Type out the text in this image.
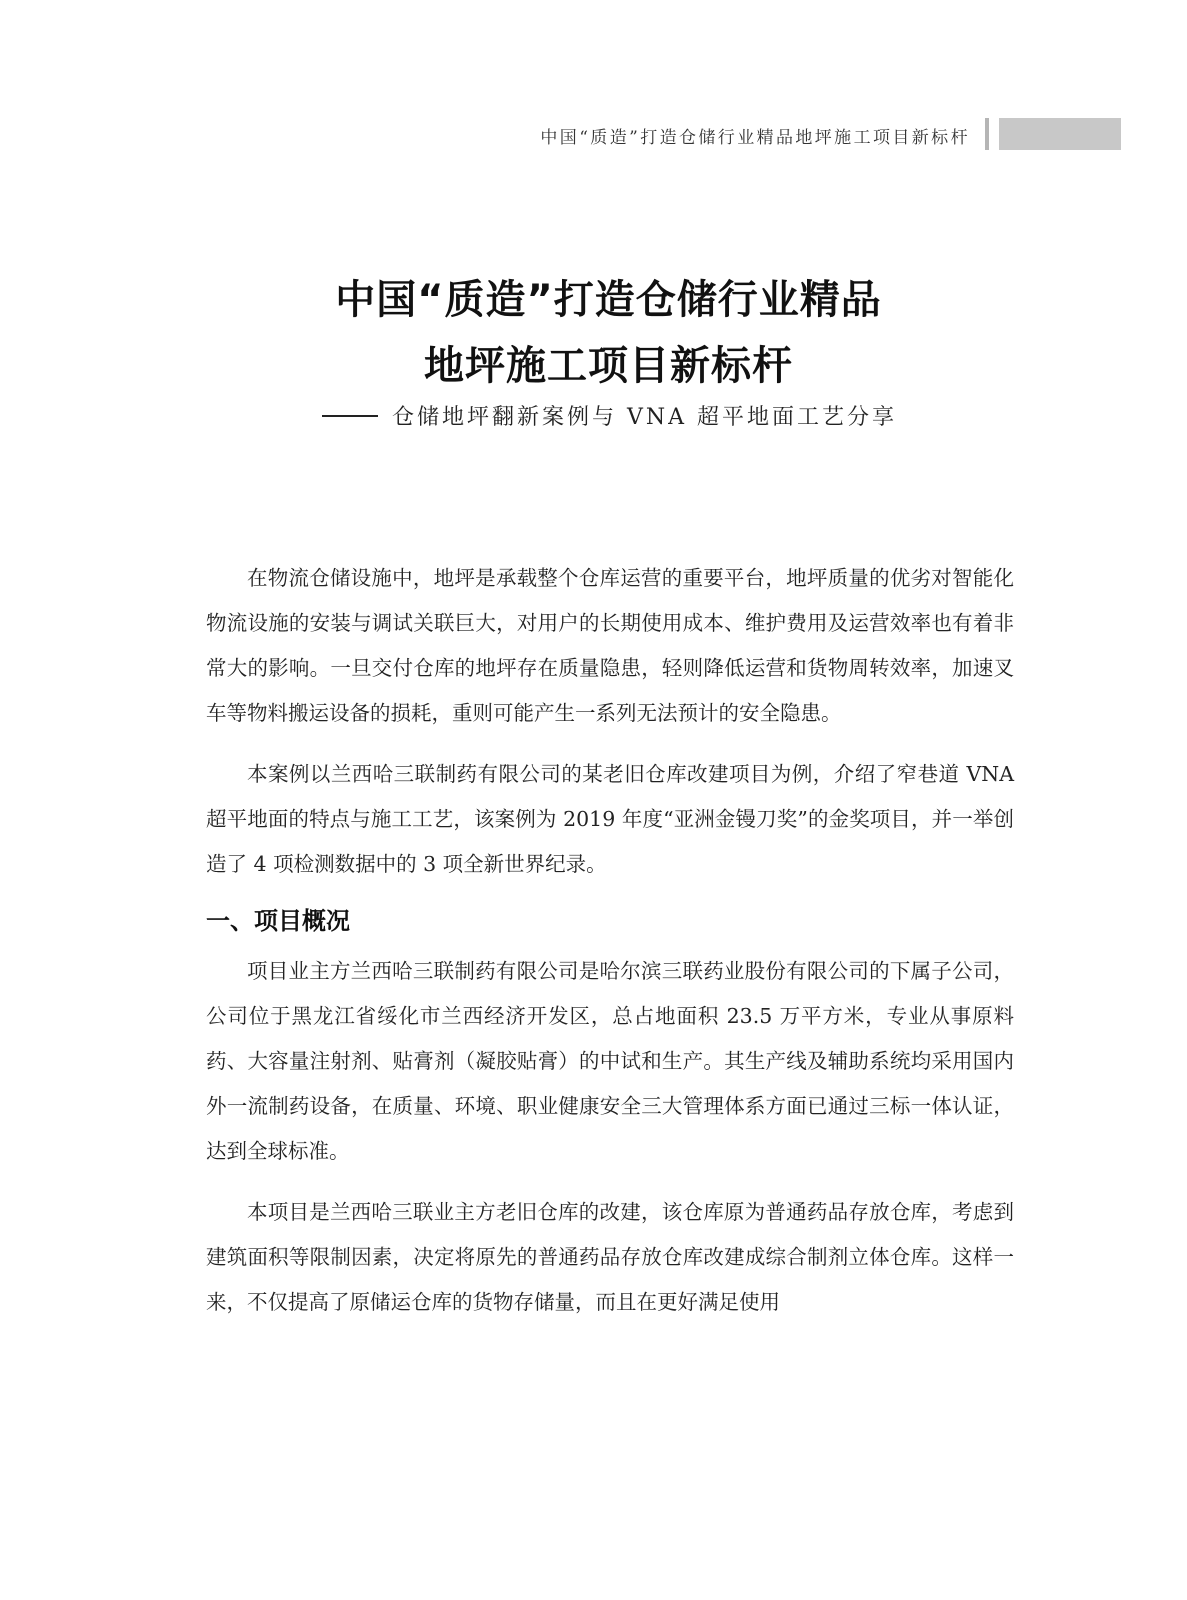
中国“质造”打造仓储行业精品地坪施工项目新标杆
中国“质造”打造仓储行业精品
地坪施工项目新标杆
仓储地坪翻新案例与 VNA 超平地面工艺分享

在物流仓储设施中，地坪是承载整个仓库运营的重要平台，地坪质量的优劣对智能化物流设施的安装与调试关联巨大，对用户的长期使用成本、维护费用及运营效率也有着非常大的影响。一旦交付仓库的地坪存在质量隐患，轻则降低运营和货物周转效率，加速叉车等物料搬运设备的损耗，重则可能产生一系列无法预计的安全隐患。

本案例以兰西哈三联制药有限公司的某老旧仓库改建项目为例，介绍了窄巷道 VNA 超平地面的特点与施工工艺，该案例为 2019 年度“亚洲金镘刀奖”的金奖项目，并一举创造了 4 项检测数据中的 3 项全新世界纪录。

一、项目概况

项目业主方兰西哈三联制药有限公司是哈尔滨三联药业股份有限公司的下属子公司，公司位于黑龙江省绥化市兰西经济开发区，总占地面积 23.5 万平方米，专业从事原料药、大容量注射剂、贴膏剂（凝胶贴膏）的中试和生产。其生产线及辅助系统均采用国内外一流制药设备，在质量、环境、职业健康安全三大管理体系方面已通过三标一体认证，达到全球标准。

本项目是兰西哈三联业主方老旧仓库的改建，该仓库原为普通药品存放仓库，考虑到建筑面积等限制因素，决定将原先的普通药品存放仓库改建成综合制剂立体仓库。这样一来，不仅提高了原储运仓库的货物存储量，而且在更好满足使用
